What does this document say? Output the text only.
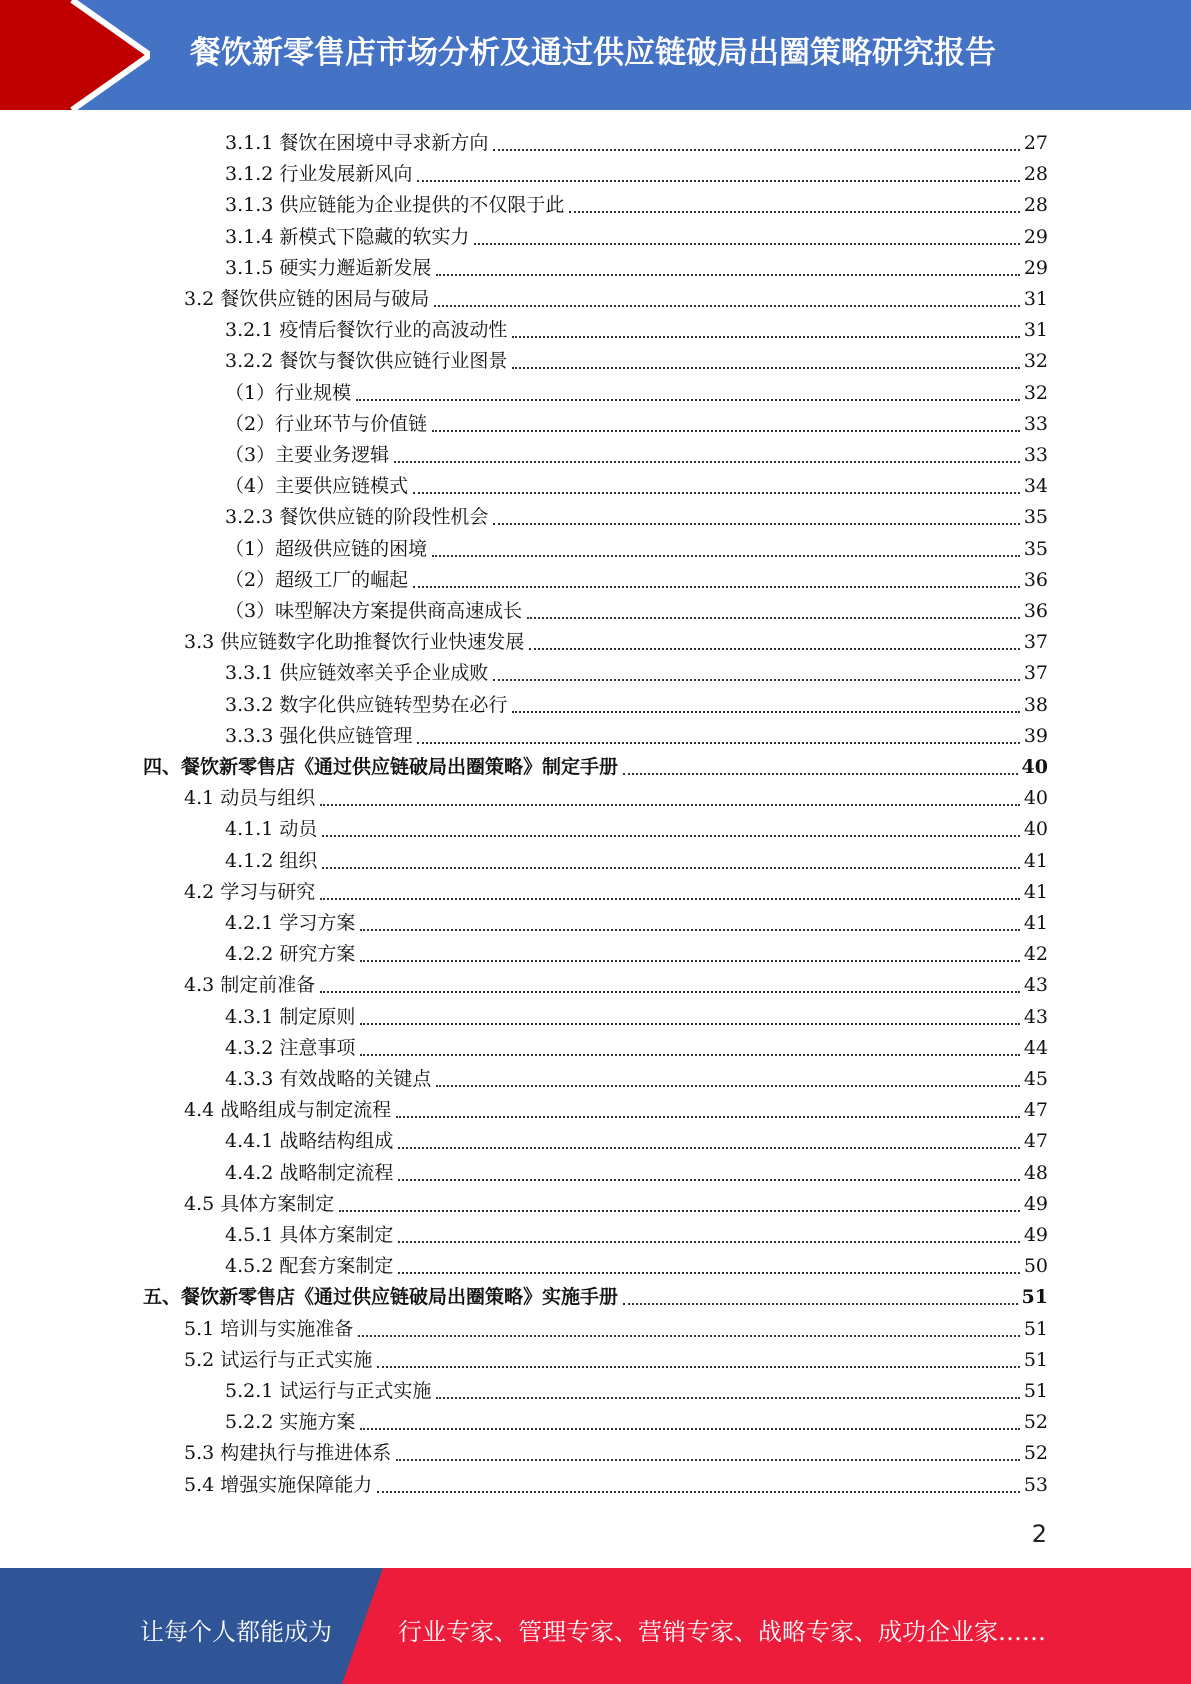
餐饮新零售店市场分析及通过供应链破局出圈策略研究报告
3.1.1 餐饮在困境中寻求新方向	27
3.1.2 行业发展新风向	28
3.1.3 供应链能为企业提供的不仅限于此	28
3.1.4 新模式下隐藏的软实力	29
3.1.5 硬实力邂逅新发展	29
3.2 餐饮供应链的困局与破局	31
3.2.1 疫情后餐饮行业的高波动性	31
3.2.2 餐饮与餐饮供应链行业图景	32
（1）行业规模	32
（2）行业环节与价值链	33
（3）主要业务逻辑	33
（4）主要供应链模式	34
3.2.3 餐饮供应链的阶段性机会	35
（1）超级供应链的困境	35
（2）超级工厂的崛起	36
（3）味型解决方案提供商高速成长	36
3.3 供应链数字化助推餐饮行业快速发展	37
3.3.1 供应链效率关乎企业成败	37
3.3.2 数字化供应链转型势在必行	38
3.3.3 强化供应链管理	39
四、餐饮新零售店《通过供应链破局出圈策略》制定手册	40
4.1 动员与组织	40
4.1.1 动员	40
4.1.2 组织	41
4.2 学习与研究	41
4.2.1 学习方案	41
4.2.2 研究方案	42
4.3 制定前准备	43
4.3.1 制定原则	43
4.3.2 注意事项	44
4.3.3 有效战略的关键点	45
4.4 战略组成与制定流程	47
4.4.1 战略结构组成	47
4.4.2 战略制定流程	48
4.5 具体方案制定	49
4.5.1 具体方案制定	49
4.5.2 配套方案制定	50
五、餐饮新零售店《通过供应链破局出圈策略》实施手册	51
5.1 培训与实施准备	51
5.2 试运行与正式实施	51
5.2.1 试运行与正式实施	51
5.2.2 实施方案	52
5.3 构建执行与推进体系	52
5.4 增强实施保障能力	53
2
让每个人都能成为	行业专家、管理专家、营销专家、战略专家、成功企业家……
